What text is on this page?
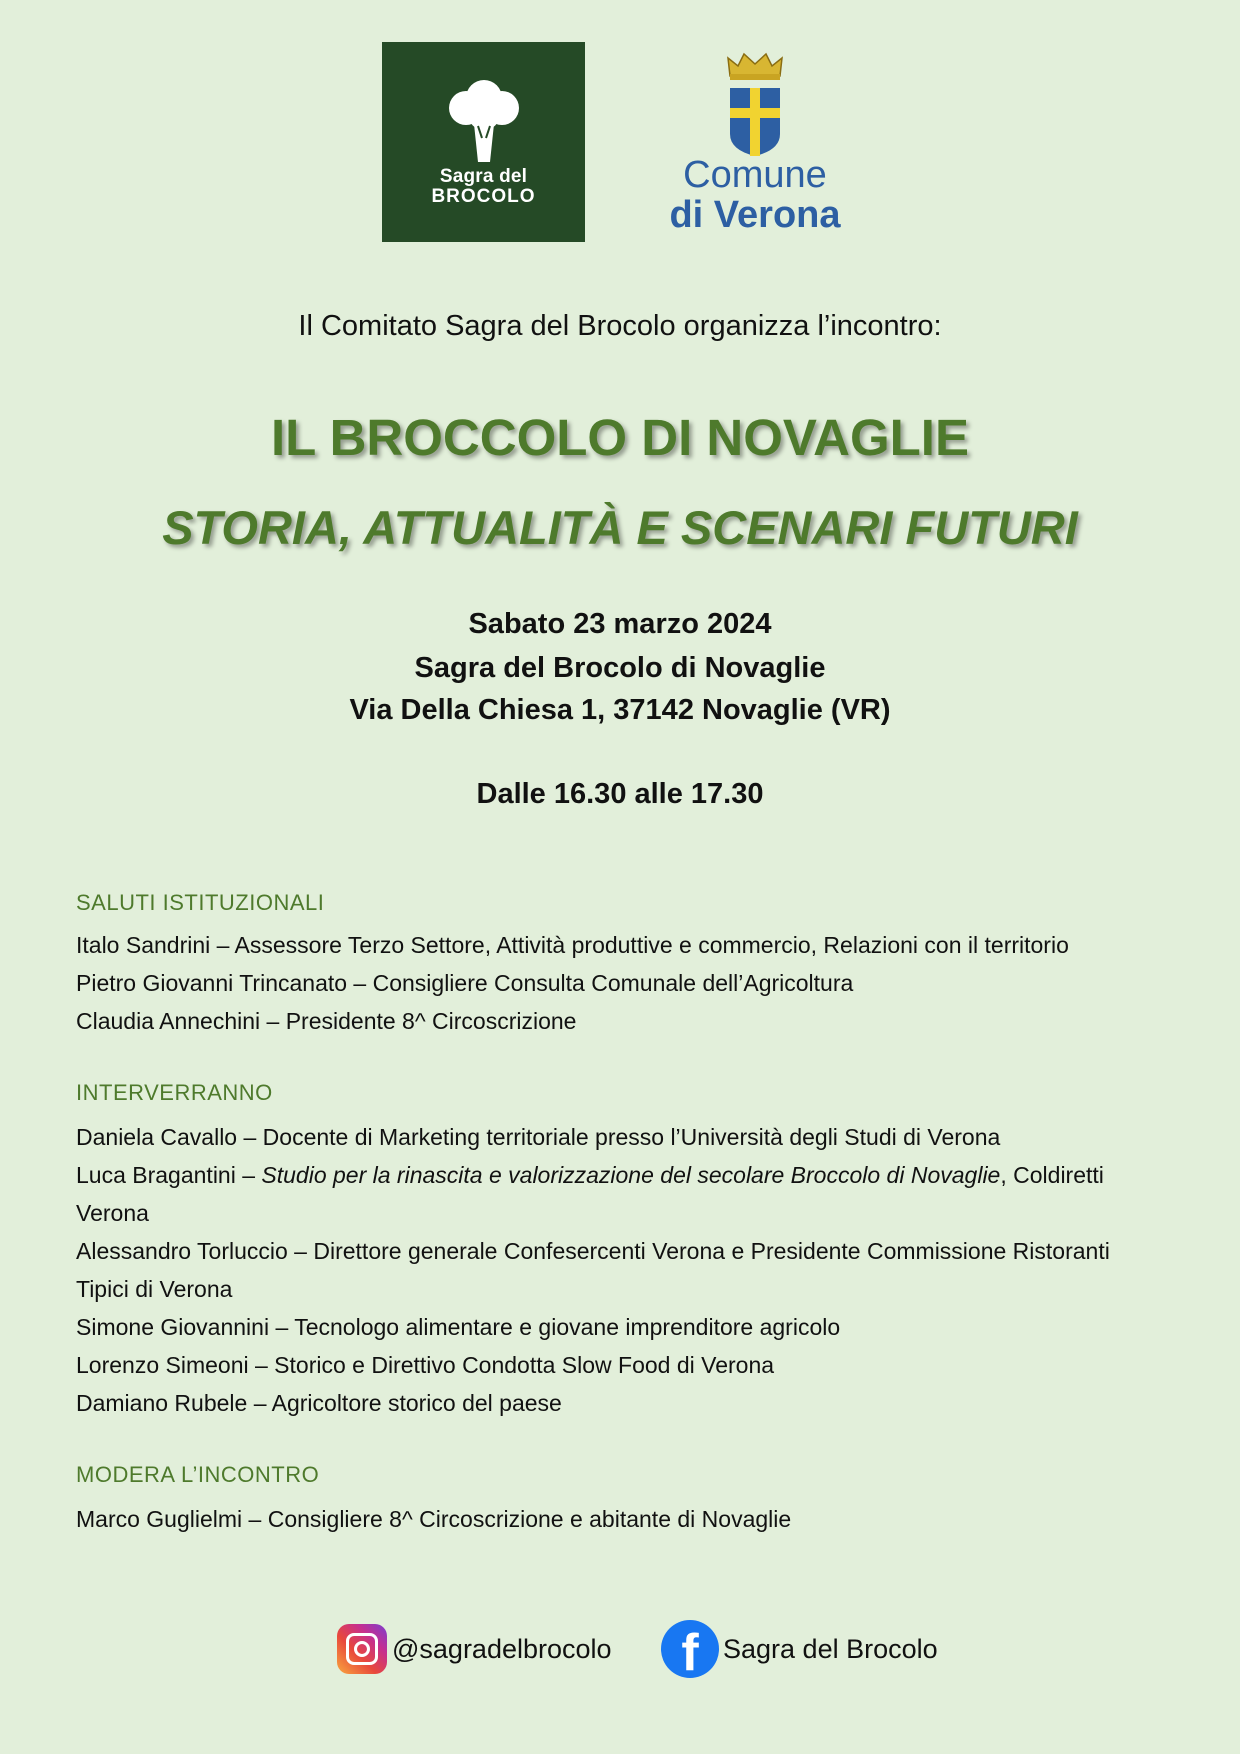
Sagra del
BROCOLO
Comune
di Verona
Il Comitato Sagra del Brocolo organizza l’incontro:
IL BROCCOLO DI NOVAGLIE
STORIA, ATTUALITÀ E SCENARI FUTURI
Sabato 23 marzo 2024
Sagra del Brocolo di Novaglie
Via Della Chiesa 1, 37142 Novaglie (VR)
Dalle 16.30 alle 17.30
SALUTI ISTITUZIONALI
Italo Sandrini – Assessore Terzo Settore, Attività produttive e commercio, Relazioni con il territorio
Pietro Giovanni Trincanato – Consigliere Consulta Comunale dell’Agricoltura
Claudia Annechini – Presidente 8^ Circoscrizione
INTERVERRANNO
Daniela Cavallo – Docente di Marketing territoriale presso l’Università degli Studi di Verona
Luca Bragantini – Studio per la rinascita e valorizzazione del secolare Broccolo di Novaglie, Coldiretti
Verona
Alessandro Torluccio – Direttore generale Confesercenti Verona e Presidente Commissione Ristoranti
Tipici di Verona
Simone Giovannini – Tecnologo alimentare e giovane imprenditore agricolo
Lorenzo Simeoni – Storico e Direttivo Condotta Slow Food di Verona
Damiano Rubele – Agricoltore storico del paese
MODERA L’INCONTRO
Marco Guglielmi – Consigliere 8^ Circoscrizione e abitante di Novaglie
@sagradelbrocolo	f Sagra del Brocolo
